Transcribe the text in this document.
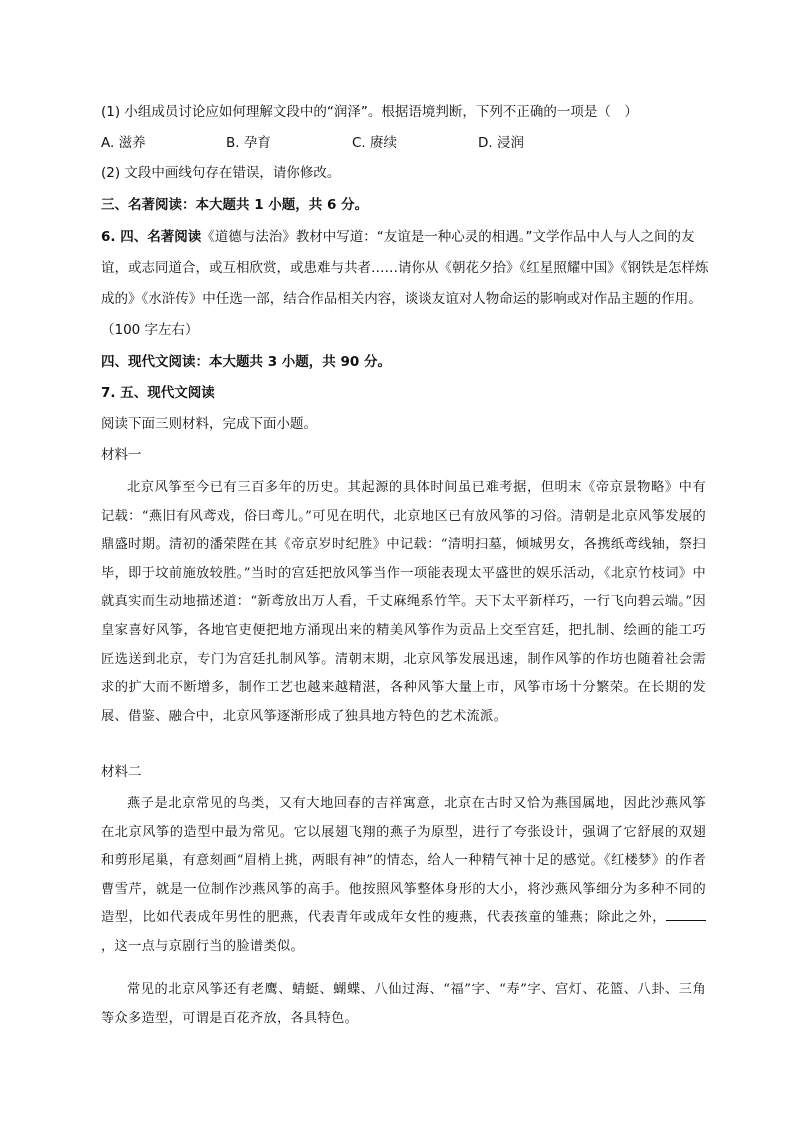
(1) 小组成员讨论应如何理解文段中的“润泽”。根据语境判断，下列不正确的一项是（　）
A. 滋养	B. 孕育	C. 赓续	D. 浸润
(2) 文段中画线句存在错误，请你修改。
三、名著阅读：本大题共 1 小题，共 6 分。
6. 四、名著阅读《道德与法治》教材中写道：“友谊是一种心灵的相遇。”文学作品中人与人之间的友
谊，或志同道合，或互相欣赏，或患难与共者……请你从《朝花夕拾》《红星照耀中国》《钢铁是怎样炼
成的》《水浒传》中任选一部，结合作品相关内容，谈谈友谊对人物命运的影响或对作品主题的作用。
（100 字左右）
四、现代文阅读：本大题共 3 小题，共 90 分。
7. 五、现代文阅读
阅读下面三则材料，完成下面小题。
材料一
北京风筝至今已有三百多年的历史。其起源的具体时间虽已难考据，但明末《帝京景物略》中有记载：“燕旧有风鸢戏，俗曰鸢儿。”可见在明代，北京地区已有放风筝的习俗。清朝是北京风筝发展的鼎盛时期。清初的潘荣陛在其《帝京岁时纪胜》中记载：“清明扫墓，倾城男女，各携纸鸢线轴，祭扫毕，即于坟前施放较胜。”当时的宫廷把放风筝当作一项能表现太平盛世的娱乐活动，《北京竹枝词》中就真实而生动地描述道：“新鸢放出万人看，千丈麻绳系竹竿。天下太平新样巧，一行飞向碧云端。”因皇家喜好风筝，各地官吏便把地方涌现出来的精美风筝作为贡品上交至宫廷，把扎制、绘画的能工巧匠选送到北京，专门为宫廷扎制风筝。清朝末期，北京风筝发展迅速，制作风筝的作坊也随着社会需求的扩大而不断增多，制作工艺也越来越精湛，各种风筝大量上市，风筝市场十分繁荣。在长期的发展、借鉴、融合中，北京风筝逐渐形成了独具地方特色的艺术流派。
材料二
燕子是北京常见的鸟类，又有大地回春的吉祥寓意，北京在古时又恰为燕国属地，因此沙燕风筝在北京风筝的造型中最为常见。它以展翅飞翔的燕子为原型，进行了夸张设计，强调了它舒展的双翅和剪形尾巢，有意刻画“眉梢上挑，两眼有神”的情态，给人一种精气神十足的感觉。《红楼梦》的作者曹雪芹，就是一位制作沙燕风筝的高手。他按照风筝整体身形的大小，将沙燕风筝细分为多种不同的造型，比如代表成年男性的肥燕，代表青年或成年女性的瘦燕，代表孩童的雏燕；除此之外，，这一点与京剧行当的脸谱类似。
常见的北京风筝还有老鹰、蜻蜓、蝴蝶、八仙过海、“福”字、“寿”字、宫灯、花篮、八卦、三角等众多造型，可谓是百花齐放，各具特色。
